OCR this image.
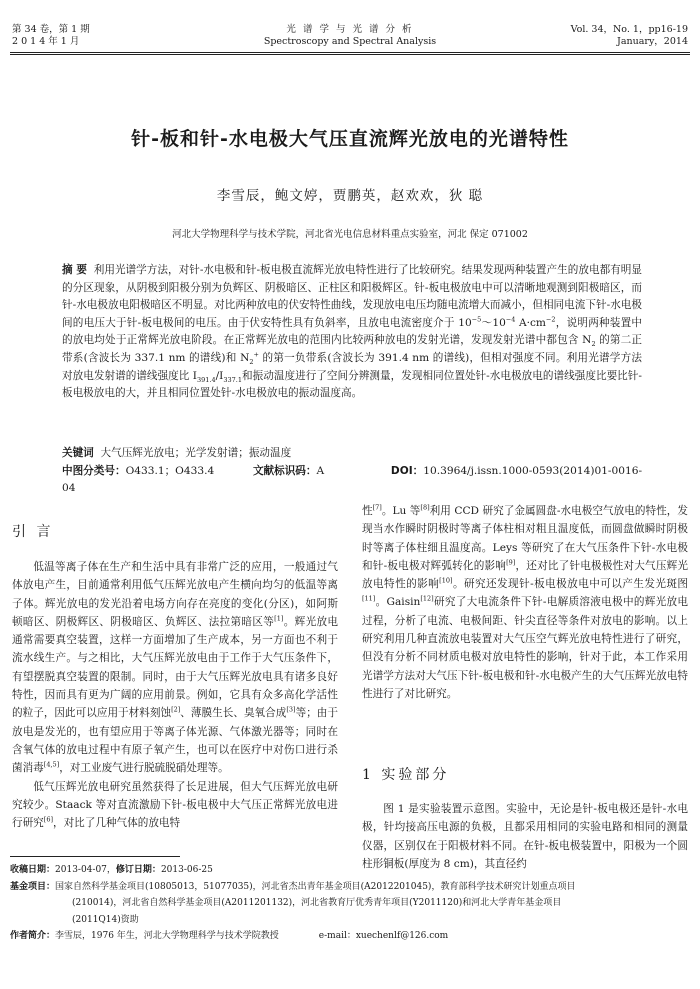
第 34 卷，第 1 期
2 0 1 4 年 1 月
光 谱 学 与 光 谱 分 析
Spectroscopy and Spectral Analysis
Vol. 34，No. 1，pp16-19
January，2014
针-板和针-水电极大气压直流辉光放电的光谱特性
李雪辰，鲍文婷，贾鹏英，赵欢欢，狄 聪
河北大学物理科学与技术学院，河北省光电信息材料重点实验室，河北 保定 071002
摘 要 利用光谱学方法，对针-水电极和针-板电极直流辉光放电特性进行了比较研究。结果发现两种装置产生的放电都有明显的分区现象，从阴极到阳极分别为负辉区、阴极暗区、正柱区和阳极辉区。针-板电极放电中可以清晰地观测到阳极暗区，而针-水电极放电阳极暗区不明显。对比两种放电的伏安特性曲线，发现放电电压均随电流增大而减小，但相同电流下针-水电极间的电压大于针-板电极间的电压。由于伏安特性具有负斜率，且放电电流密度介于 $10^{-5}\sim 10^{-4}$ $A\cdot cm^{-2}$，说明两种装置中的放电均处于正常辉光放电阶段。在正常辉光放电的范围内比较两种放电的发射光谱，发现发射光谱中都包含 $N_2$ 的第二正带系(含波长为 337.1 nm 的谱线)和 $N_2^+$ 的第一负带系(含波长为 391.4 nm 的谱线)，但相对强度不同。利用光谱学方法对放电发射谱的谱线强度比 $I_{391.4}/I_{337.1}$和振动温度进行了空间分辨测量，发现相同位置处针-水电极放电的谱线强度比要比针-板电极放电的大，并且相同位置处针-水电极放电的振动温度高。
关键词 大气压辉光放电；光学发射谱；振动温度
中图分类号：O433.1；O433.4	文献标识码：A	DOI：10.3964/j.issn.1000-0593(2014)01-0016-04
引 言

低温等离子体在生产和生活中具有非常广泛的应用，一般通过气体放电产生，目前通常利用低气压辉光放电产生横向均匀的低温等离子体。辉光放电的发光沿着电场方向存在亮度的变化(分区)，如阿斯顿暗区、阴极辉区、阴极暗区、负辉区、法拉第暗区等[1]。辉光放电通常需要真空装置，这样一方面增加了生产成本，另一方面也不利于流水线生产。与之相比，大气压辉光放电由于工作于大气压条件下，有望摆脱真空装置的限制。同时，由于大气压辉光放电具有诸多良好特性，因而具有更为广阔的应用前景。例如，它具有众多高化学活性的粒子，因此可以应用于材料刻蚀[2]、薄膜生长、臭氧合成[3]等；由于放电是发光的，也有望应用于等离子体光源、气体激光器等；同时在含氧气体的放电过程中有原子氧产生，也可以在医疗中对伤口进行杀菌消毒[4,5]，对工业废气进行脱硫脱硝处理等。

低气压辉光放电研究虽然获得了长足进展，但大气压辉光放电研究较少。Staack 等对直流激励下针-板电极中大气压正常辉光放电进行研究[6]，对比了几种气体的放电特

性[7]。Lu 等[8]利用 CCD 研究了金属圆盘-水电极空气放电的特性，发现当水作瞬时阴极时等离子体柱相对粗且温度低，而圆盘做瞬时阴极时等离子体柱细且温度高。Leys 等研究了在大气压条件下针-水电极和针-板电极对辉弧转化的影响[9]，还对比了针电极极性对大气压辉光放电特性的影响[10]。研究还发现针-板电极放电中可以产生发光斑图[11]。Gaisin[12]研究了大电流条件下针-电解质溶液电极中的辉光放电过程，分析了电流、电极间距、针尖直径等条件对放电的影响。以上研究利用几种直流放电装置对大气压空气辉光放电特性进行了研究，但没有分析不同材质电极对放电特性的影响，针对于此，本工作采用光谱学方法对大气压下针-板电极和针-水电极产生的大气压辉光放电特性进行了对比研究。

1 实验部分

图 1 是实验装置示意图。实验中，无论是针-板电极还是针-水电极，针均接高压电源的负极，且都采用相同的实验电路和相同的测量仪器，区别仅在于阳极材料不同。在针-板电极装置中，阳极为一个圆柱形铜板(厚度为 8 cm)，其直径约

收稿日期：2013-04-07，修订日期：2013-06-25
基金项目：国家自然科学基金项目(10805013，51077035)，河北省杰出青年基金项目(A2012201045)，教育部科学技术研究计划重点项目
(210014)，河北省自然科学基金项目(A2011201132)，河北省教育厅优秀青年项目(Y2011120)和河北大学青年基金项目
(2011Q14)资助
作者简介：李雪辰，1976 年生，河北大学物理科学与技术学院教授	e-mail：xuechenlf@126.com
